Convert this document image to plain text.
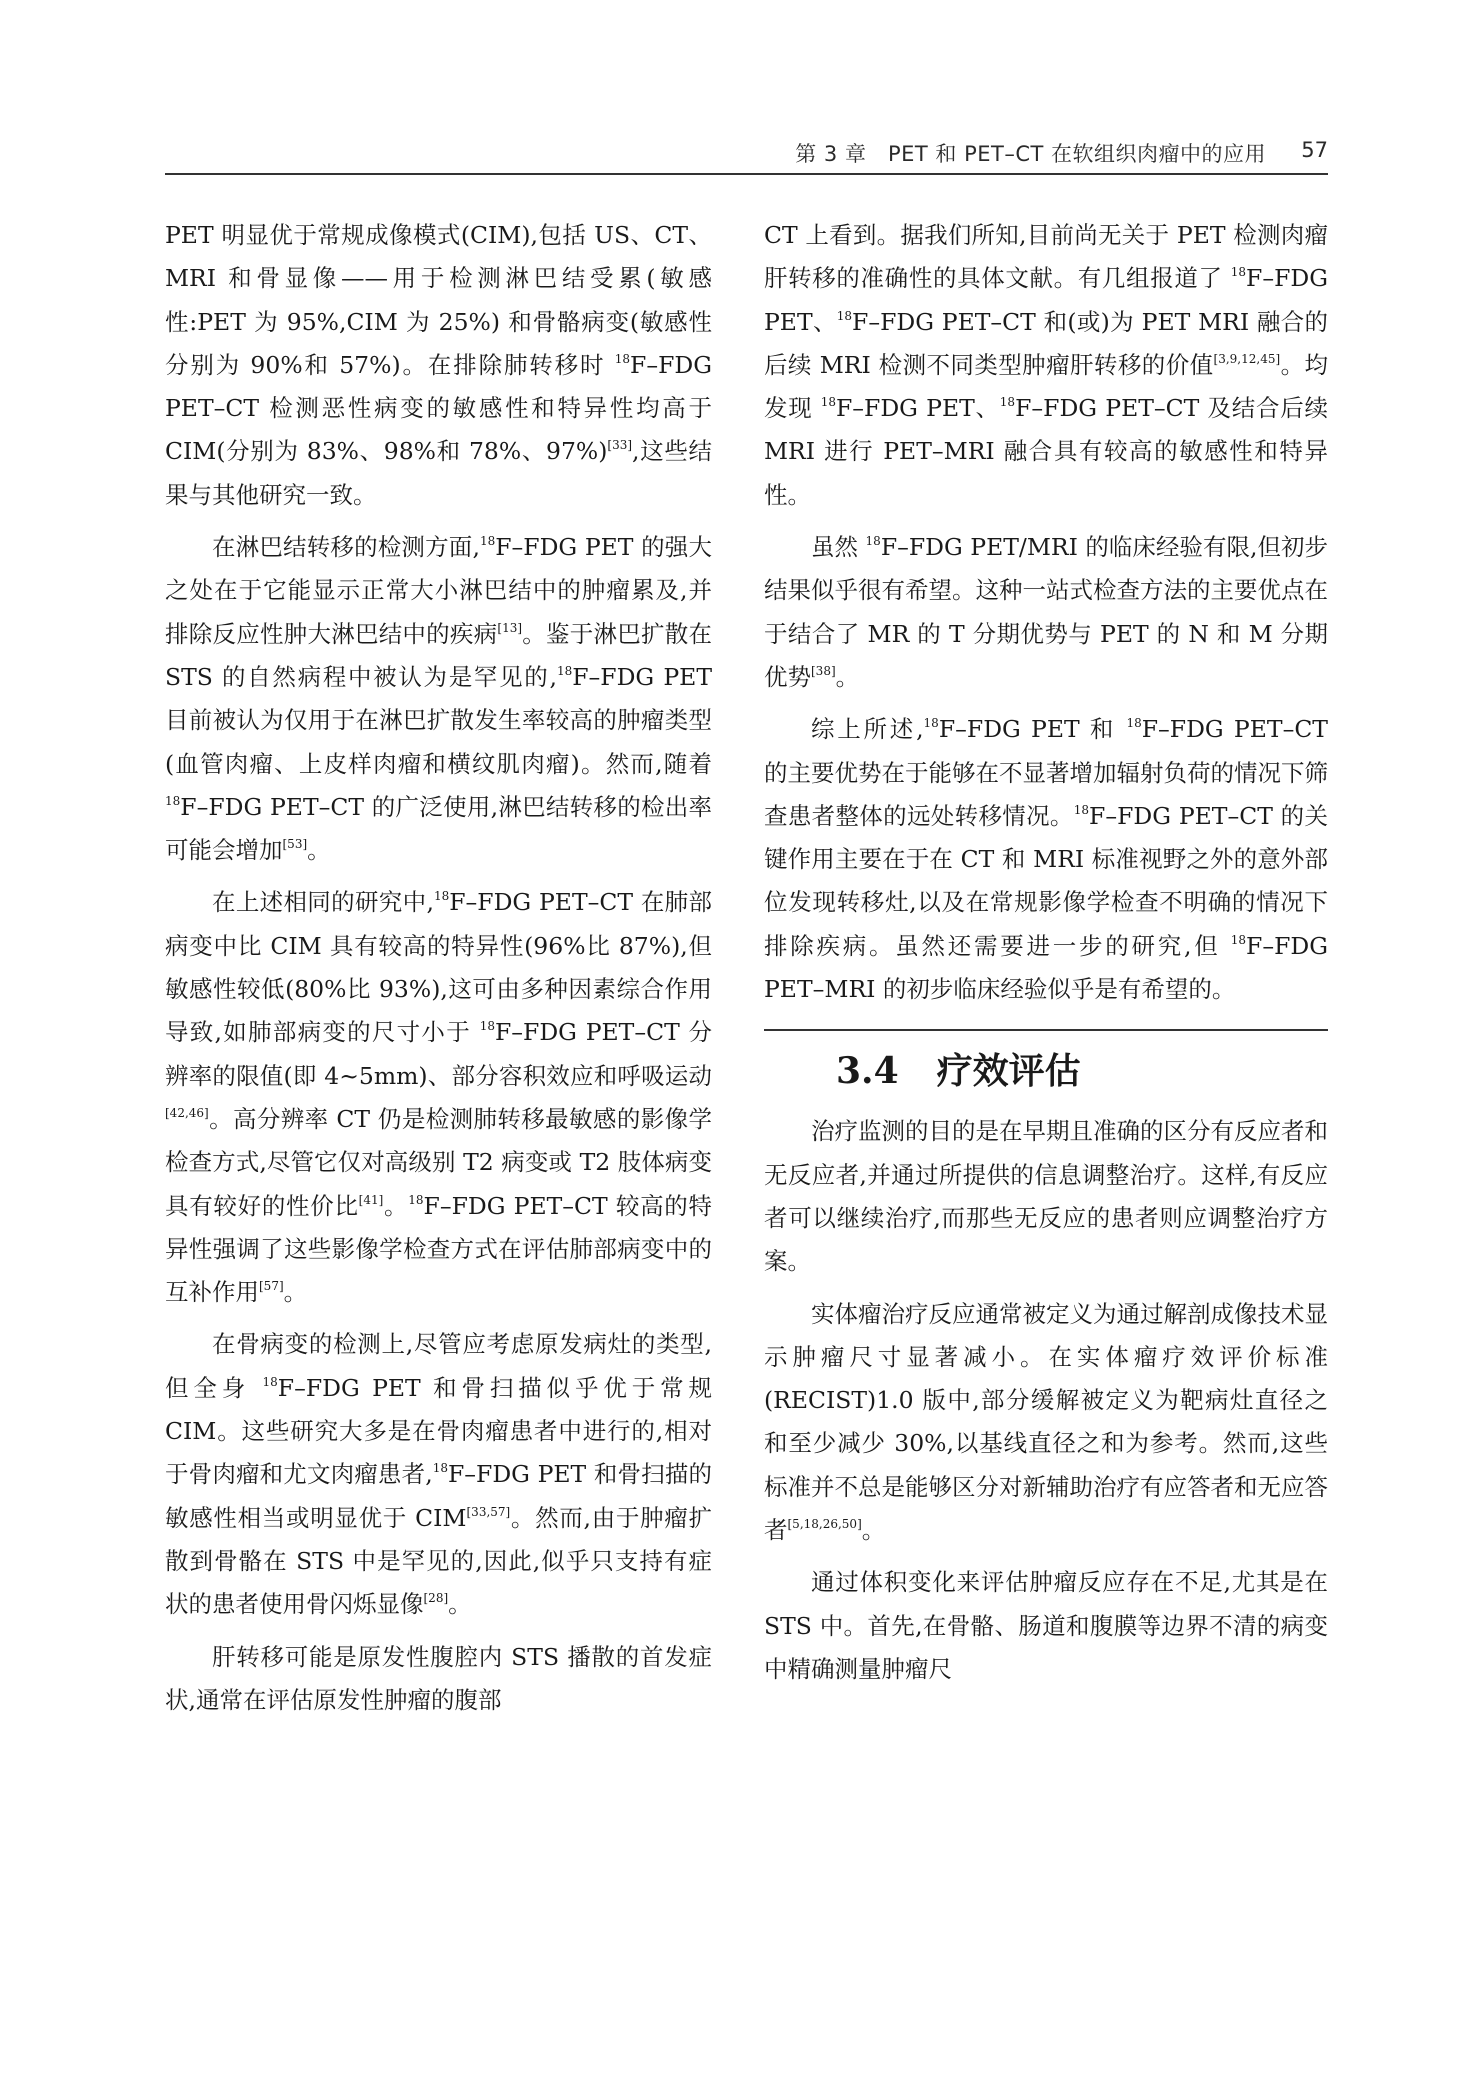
第 3 章　PET 和 PET–CT 在软组织肉瘤中的应用 57

PET 明显优于常规成像模式(CIM),包括 US、CT、MRI 和骨显像——用于检测淋巴结受累(敏感性:PET 为 95%,CIM 为 25%) 和骨骼病变(敏感性分别为 90%和 57%)。在排除肺转移时 $^{18}$F–FDG PET–CT 检测恶性病变的敏感性和特异性均高于 CIM(分别为 83%、98%和 78%、97%)[33],这些结果与其他研究一致。

在淋巴结转移的检测方面,$^{18}$F–FDG PET 的强大之处在于它能显示正常大小淋巴结中的肿瘤累及,并排除反应性肿大淋巴结中的疾病[13]。鉴于淋巴扩散在 STS 的自然病程中被认为是罕见的,$^{18}$F–FDG PET 目前被认为仅用于在淋巴扩散发生率较高的肿瘤类型(血管肉瘤、上皮样肉瘤和横纹肌肉瘤)。然而,随着 $^{18}$F–FDG PET–CT 的广泛使用,淋巴结转移的检出率可能会增加[53]。

在上述相同的研究中,$^{18}$F–FDG PET–CT 在肺部病变中比 CIM 具有较高的特异性(96%比 87%),但敏感性较低(80%比 93%),这可由多种因素综合作用导致,如肺部病变的尺寸小于 $^{18}$F–FDG PET–CT 分辨率的限值(即 4~5mm)、部分容积效应和呼吸运动[42,46]。高分辨率 CT 仍是检测肺转移最敏感的影像学检查方式,尽管它仅对高级别 T2 病变或 T2 肢体病变具有较好的性价比[41]。$^{18}$F–FDG PET–CT 较高的特异性强调了这些影像学检查方式在评估肺部病变中的互补作用[57]。

在骨病变的检测上,尽管应考虑原发病灶的类型,但全身 $^{18}$F–FDG PET 和骨扫描似乎优于常规 CIM。这些研究大多是在骨肉瘤患者中进行的,相对于骨肉瘤和尤文肉瘤患者,$^{18}$F–FDG PET 和骨扫描的敏感性相当或明显优于 CIM[33,57]。然而,由于肿瘤扩散到骨骼在 STS 中是罕见的,因此,似乎只支持有症状的患者使用骨闪烁显像[28]。

肝转移可能是原发性腹腔内 STS 播散的首发症状,通常在评估原发性肿瘤的腹部

CT 上看到。据我们所知,目前尚无关于 PET 检测肉瘤肝转移的准确性的具体文献。有几组报道了 $^{18}$F–FDG PET、$^{18}$F–FDG PET–CT 和(或)为 PET MRI 融合的后续 MRI 检测不同类型肿瘤肝转移的价值[3,9,12,45]。均发现 $^{18}$F–FDG PET、$^{18}$F–FDG PET–CT 及结合后续 MRI 进行 PET–MRI 融合具有较高的敏感性和特异性。

虽然 $^{18}$F–FDG PET/MRI 的临床经验有限,但初步结果似乎很有希望。这种一站式检查方法的主要优点在于结合了 MR 的 T 分期优势与 PET 的 N 和 M 分期优势[38]。

综上所述,$^{18}$F–FDG PET 和 $^{18}$F–FDG PET–CT 的主要优势在于能够在不显著增加辐射负荷的情况下筛查患者整体的远处转移情况。$^{18}$F–FDG PET–CT 的关键作用主要在于在 CT 和 MRI 标准视野之外的意外部位发现转移灶,以及在常规影像学检查不明确的情况下排除疾病。虽然还需要进一步的研究,但 $^{18}$F–FDG PET–MRI 的初步临床经验似乎是有希望的。

3.4 疗效评估

治疗监测的目的是在早期且准确的区分有反应者和无反应者,并通过所提供的信息调整治疗。这样,有反应者可以继续治疗,而那些无反应的患者则应调整治疗方案。

实体瘤治疗反应通常被定义为通过解剖成像技术显示肿瘤尺寸显著减小。在实体瘤疗效评价标准(RECIST)1.0 版中,部分缓解被定义为靶病灶直径之和至少减少 30%,以基线直径之和为参考。然而,这些标准并不总是能够区分对新辅助治疗有应答者和无应答者[5,18,26,50]。

通过体积变化来评估肿瘤反应存在不足,尤其是在 STS 中。首先,在骨骼、肠道和腹膜等边界不清的病变中精确测量肿瘤尺
